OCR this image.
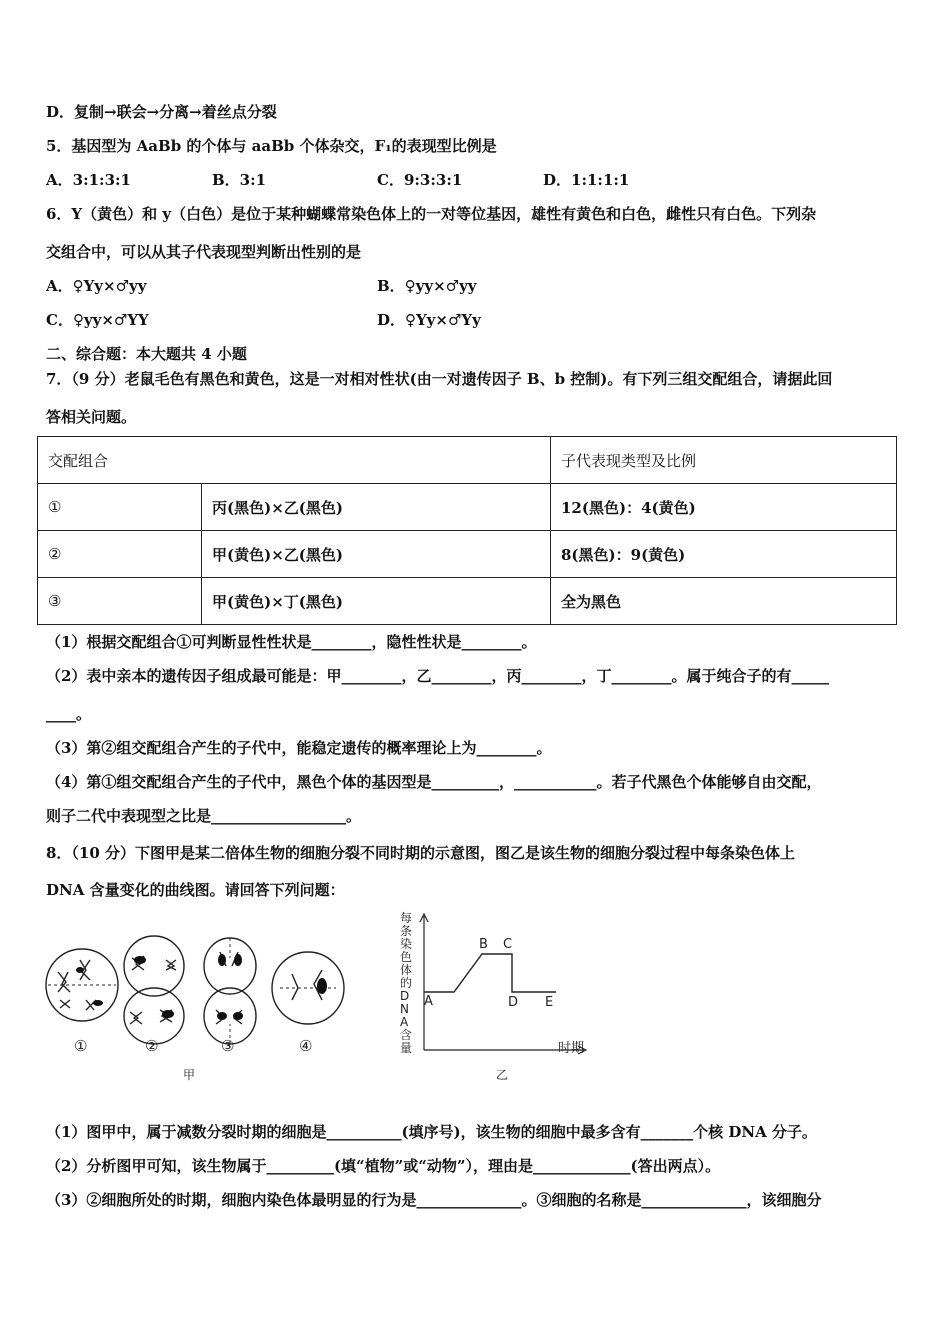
D．复制→联会→分离→着丝点分裂
5．基因型为 AaBb 的个体与 aaBb 个体杂交，F₁的表现型比例是
A．3:1:3:1	B．3:1	C．9:3:3:1	D．1:1:1:1
6．Y（黄色）和 y（白色）是位于某种蝴蝶常染色体上的一对等位基因，雄性有黄色和白色，雌性只有白色。下列杂
交组合中，可以从其子代表现型判断出性别的是
A．♀Yy×♂yy	B．♀yy×♂yy
C．♀yy×♂YY	D．♀Yy×♂Yy
二、综合题：本大题共 4 小题
7．（9 分）老鼠毛色有黑色和黄色，这是一对相对性状(由一对遗传因子 B、b 控制)。有下列三组交配组合，请据此回
答相关问题。
交配组合		子代表现类型及比例
①	丙(黑色)×乙(黑色)	12(黑色)：4(黄色)
②	甲(黄色)×乙(黑色)	8(黑色)：9(黄色)
③	甲(黄色)×丁(黑色)	全为黑色
（1）根据交配组合①可判断显性性状是________，隐性性状是________。
（2）表中亲本的遗传因子组成最可能是：甲________，乙________，丙________，丁________。属于纯合子的有_____
____。
（3）第②组交配组合产生的子代中，能稳定遗传的概率理论上为________。
（4）第①组交配组合产生的子代中，黑色个体的基因型是_________，___________。若子代黑色个体能够自由交配，
则子二代中表现型之比是__________________。
8．（10 分）下图甲是某二倍体生物的细胞分裂不同时期的示意图，图乙是该生物的细胞分裂过程中每条染色体上
DNA 含量变化的曲线图。请回答下列问题：
①	②	③	④
甲
每条染色体的DNA含量
A
B C
D E
时期
乙
（1）图甲中，属于减数分裂时期的细胞是__________(填序号)，该生物的细胞中最多含有_______个核 DNA 分子。
（2）分析图甲可知，该生物属于_________(填“植物”或“动物”），理由是_____________(答出两点）。
（3）②细胞所处的时期，细胞内染色体最明显的行为是______________。③细胞的名称是______________，该细胞分
